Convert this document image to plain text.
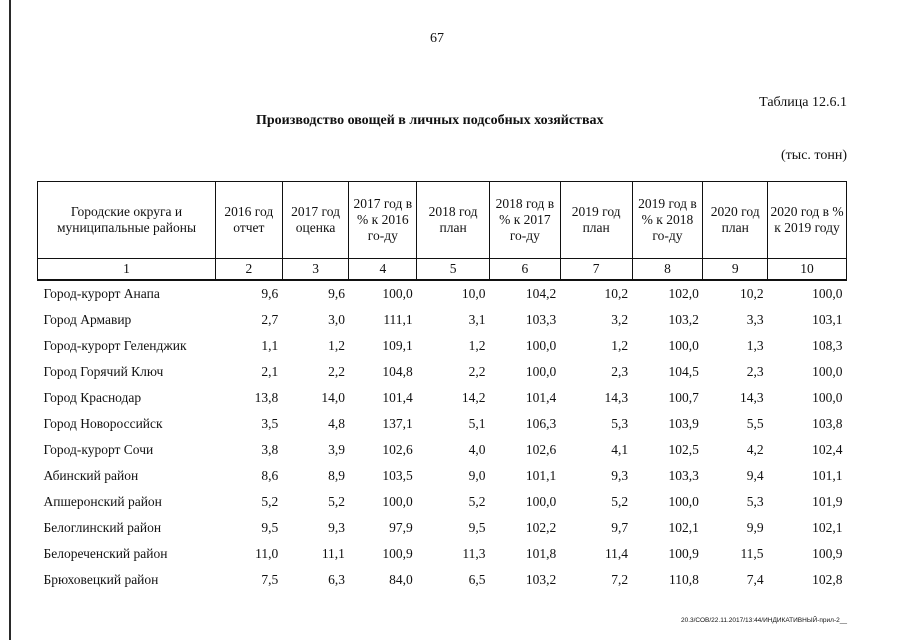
67
Таблица 12.6.1
Производство овощей в личных подсобных хозяйствах
(тыс. тонн)
Городские округа и муниципальные районы	2016 год отчет	2017 год оценка	2017 год в % к 2016 го-ду	2018 год план	2018 год в % к 2017 го-ду	2019 год план	2019 год в % к 2018 го-ду	2020 год план	2020 год в % к 2019 году
1	2	3	4	5	6	7	8	9	10
Город-курорт Анапа	9,6	9,6	100,0	10,0	104,2	10,2	102,0	10,2	100,0
Город Армавир	2,7	3,0	111,1	3,1	103,3	3,2	103,2	3,3	103,1
Город-курорт Геленджик	1,1	1,2	109,1	1,2	100,0	1,2	100,0	1,3	108,3
Город Горячий Ключ	2,1	2,2	104,8	2,2	100,0	2,3	104,5	2,3	100,0
Город Краснодар	13,8	14,0	101,4	14,2	101,4	14,3	100,7	14,3	100,0
Город Новороссийск	3,5	4,8	137,1	5,1	106,3	5,3	103,9	5,5	103,8
Город-курорт Сочи	3,8	3,9	102,6	4,0	102,6	4,1	102,5	4,2	102,4
Абинский район	8,6	8,9	103,5	9,0	101,1	9,3	103,3	9,4	101,1
Апшеронский район	5,2	5,2	100,0	5,2	100,0	5,2	100,0	5,3	101,9
Белоглинский район	9,5	9,3	97,9	9,5	102,2	9,7	102,1	9,9	102,1
Белореченский район	11,0	11,1	100,9	11,3	101,8	11,4	100,9	11,5	100,9
Брюховецкий район	7,5	6,3	84,0	6,5	103,2	7,2	110,8	7,4	102,8
20.3/СОВ/22.11.2017/13:44/ИНДИКАТИВНЫЙ-прил-2__
